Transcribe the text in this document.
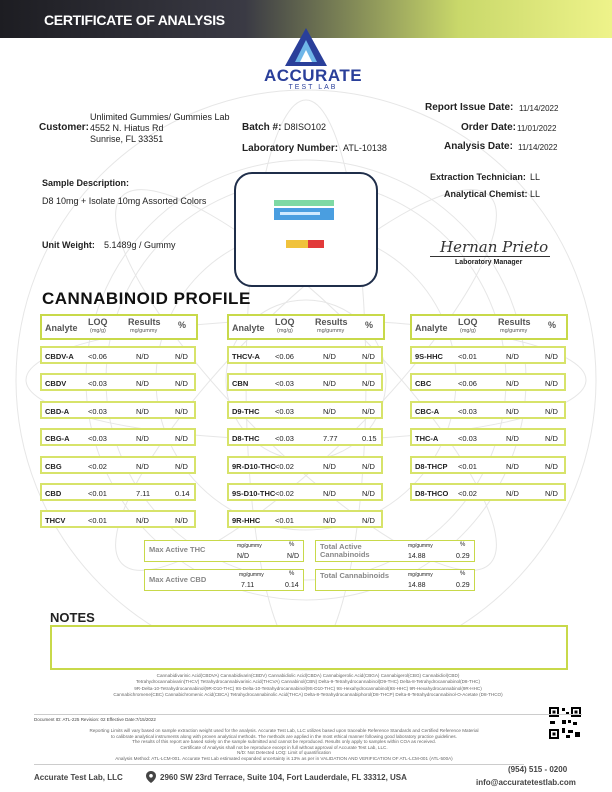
CERTIFICATE OF ANALYSIS
ACCURATE
TEST LAB
Customer:
Unlimited Gummies/ Gummies Lab
4552 N. Hiatus Rd
Sunrise, FL 33351
Batch #: D8ISO102
Laboratory Number: ATL-10138
Report Issue Date: 11/14/2022
Order Date: 11/01/2022
Analysis Date: 11/14/2022
Sample Description:
D8 10mg + Isolate 10mg Assorted Colors
Unit Weight: 5.1489g / Gummy
Extraction Technician: LL
Analytical Chemist: LL
Hernan Prieto
Laboratory Manager
CANNABINOID PROFILE
Analyte
LOQ
(mg/g)
Results
mg/gummy
%
CBDV-A <0.06	N/D	N/D
CBDV	<0.03	N/D	N/D
CBD-A	<0.03	N/D	N/D
CBG-A <0.03	N/D	N/D
CBG	<0.02	N/D	N/D
CBD	<0.01	7.11	0.14
THCV	<0.01	N/D	N/D
Analyte
LOQ
(mg/g)
Results
mg/gummy
%
THCV-A <0.06	N/D	N/D
CBN	<0.03	N/D	N/D
D9-THC <0.03	N/D	N/D
D8-THC <0.03	7.77	0.15
9R-D10-THC <0.02	N/D	N/D
9S-D10-THC <0.02	N/D	N/D
9R-HHC <0.01	N/D	N/D
Analyte
LOQ
(mg/g)
Results
mg/gummy
%
9S-HHC <0.01	N/D	N/D
CBC	<0.06	N/D	N/D
CBC-A	<0.03	N/D	N/D
THC-A	<0.03	N/D	N/D
D8-THCP <0.01	N/D	N/D
D8-THCO <0.02	N/D	N/D
Max Active THC	mg/gummy	%
N/D	N/D
Max Active CBD	mg/gummy	%
7.11	0.14
Total Active Cannabinoids
mg/gummy	%
14.88	0.29
Total Cannabinoids	mg/gummy	%
14.88	0.29
NOTES
Cannabidivarinic Acid(CBDVA) Cannabidivarin(CBDV) Cannabidiolic Acid(CBDA) Cannabigerolic Acid(CBGA) Cannabigerol(CBG) Cannabidiol(CBD)
Tetrahydrocannabivarin(THCV) Tetrahydrocannabivarinic Acid(THCVA) Cannabinol(CBN) Delta-9-Tetrahydrocannabinol(D9-THC) Delta-8-Tetrahydrocannabinol(D8-THC)
9R-Delta-10-Tetrahydrocannabinol(9R-D10-THC) 9S-Delta-10-Tetrahydrocannabinol(9S-D10-THC) 9S-Hexahydrocannabinol(9S-HHC) 9R-Hexahydrocannabinol(9R-HHC)
Cannabichromene(CBC) Cannabichromenic Acid(CBCA) Tetrahydrocannabinolic Acid(THCA) Delta-8-Tetrahydrocannabiphorol(D8-THCP) Delta-8-Tetrahydrocannabinol-O-Acetate (D8-THCO)
Document ID: ATL-225 Revision: 02 Effective Date:7/15/2022
Reporting Limits will vary based on sample extraction weight used for the analysis. Accurate Test Lab, LLC utilizes based upon traceable Reference Standards and Certified Reference Material
to calibrate analytical instruments along with proven analytical methods. The methods are applied in the most ethical manner following good laboratory practice guidelines.
The results of this report are based solely on the sample submitted and cannot be reproduced. Results only apply to samples within COA as received.
Certificate of Analysis shall not be reproduce except in full without approval of Accurate Test Lab, LLC.
N/D: Not Detected LOQ: Limit of quantification
Analysis Method: ATL-LCM-001. Accurate Test Lab estimated expanded uncertainty is 13% as per in VALIDATION AND VERIFICATION OF ATL-LCM-001 (ATL-500A)
Accurate Test Lab, LLC	2960 SW 23rd Terrace, Suite 104, Fort Lauderdale, FL 33312, USA
(954) 515 - 0200
info@accuratetestlab.com
